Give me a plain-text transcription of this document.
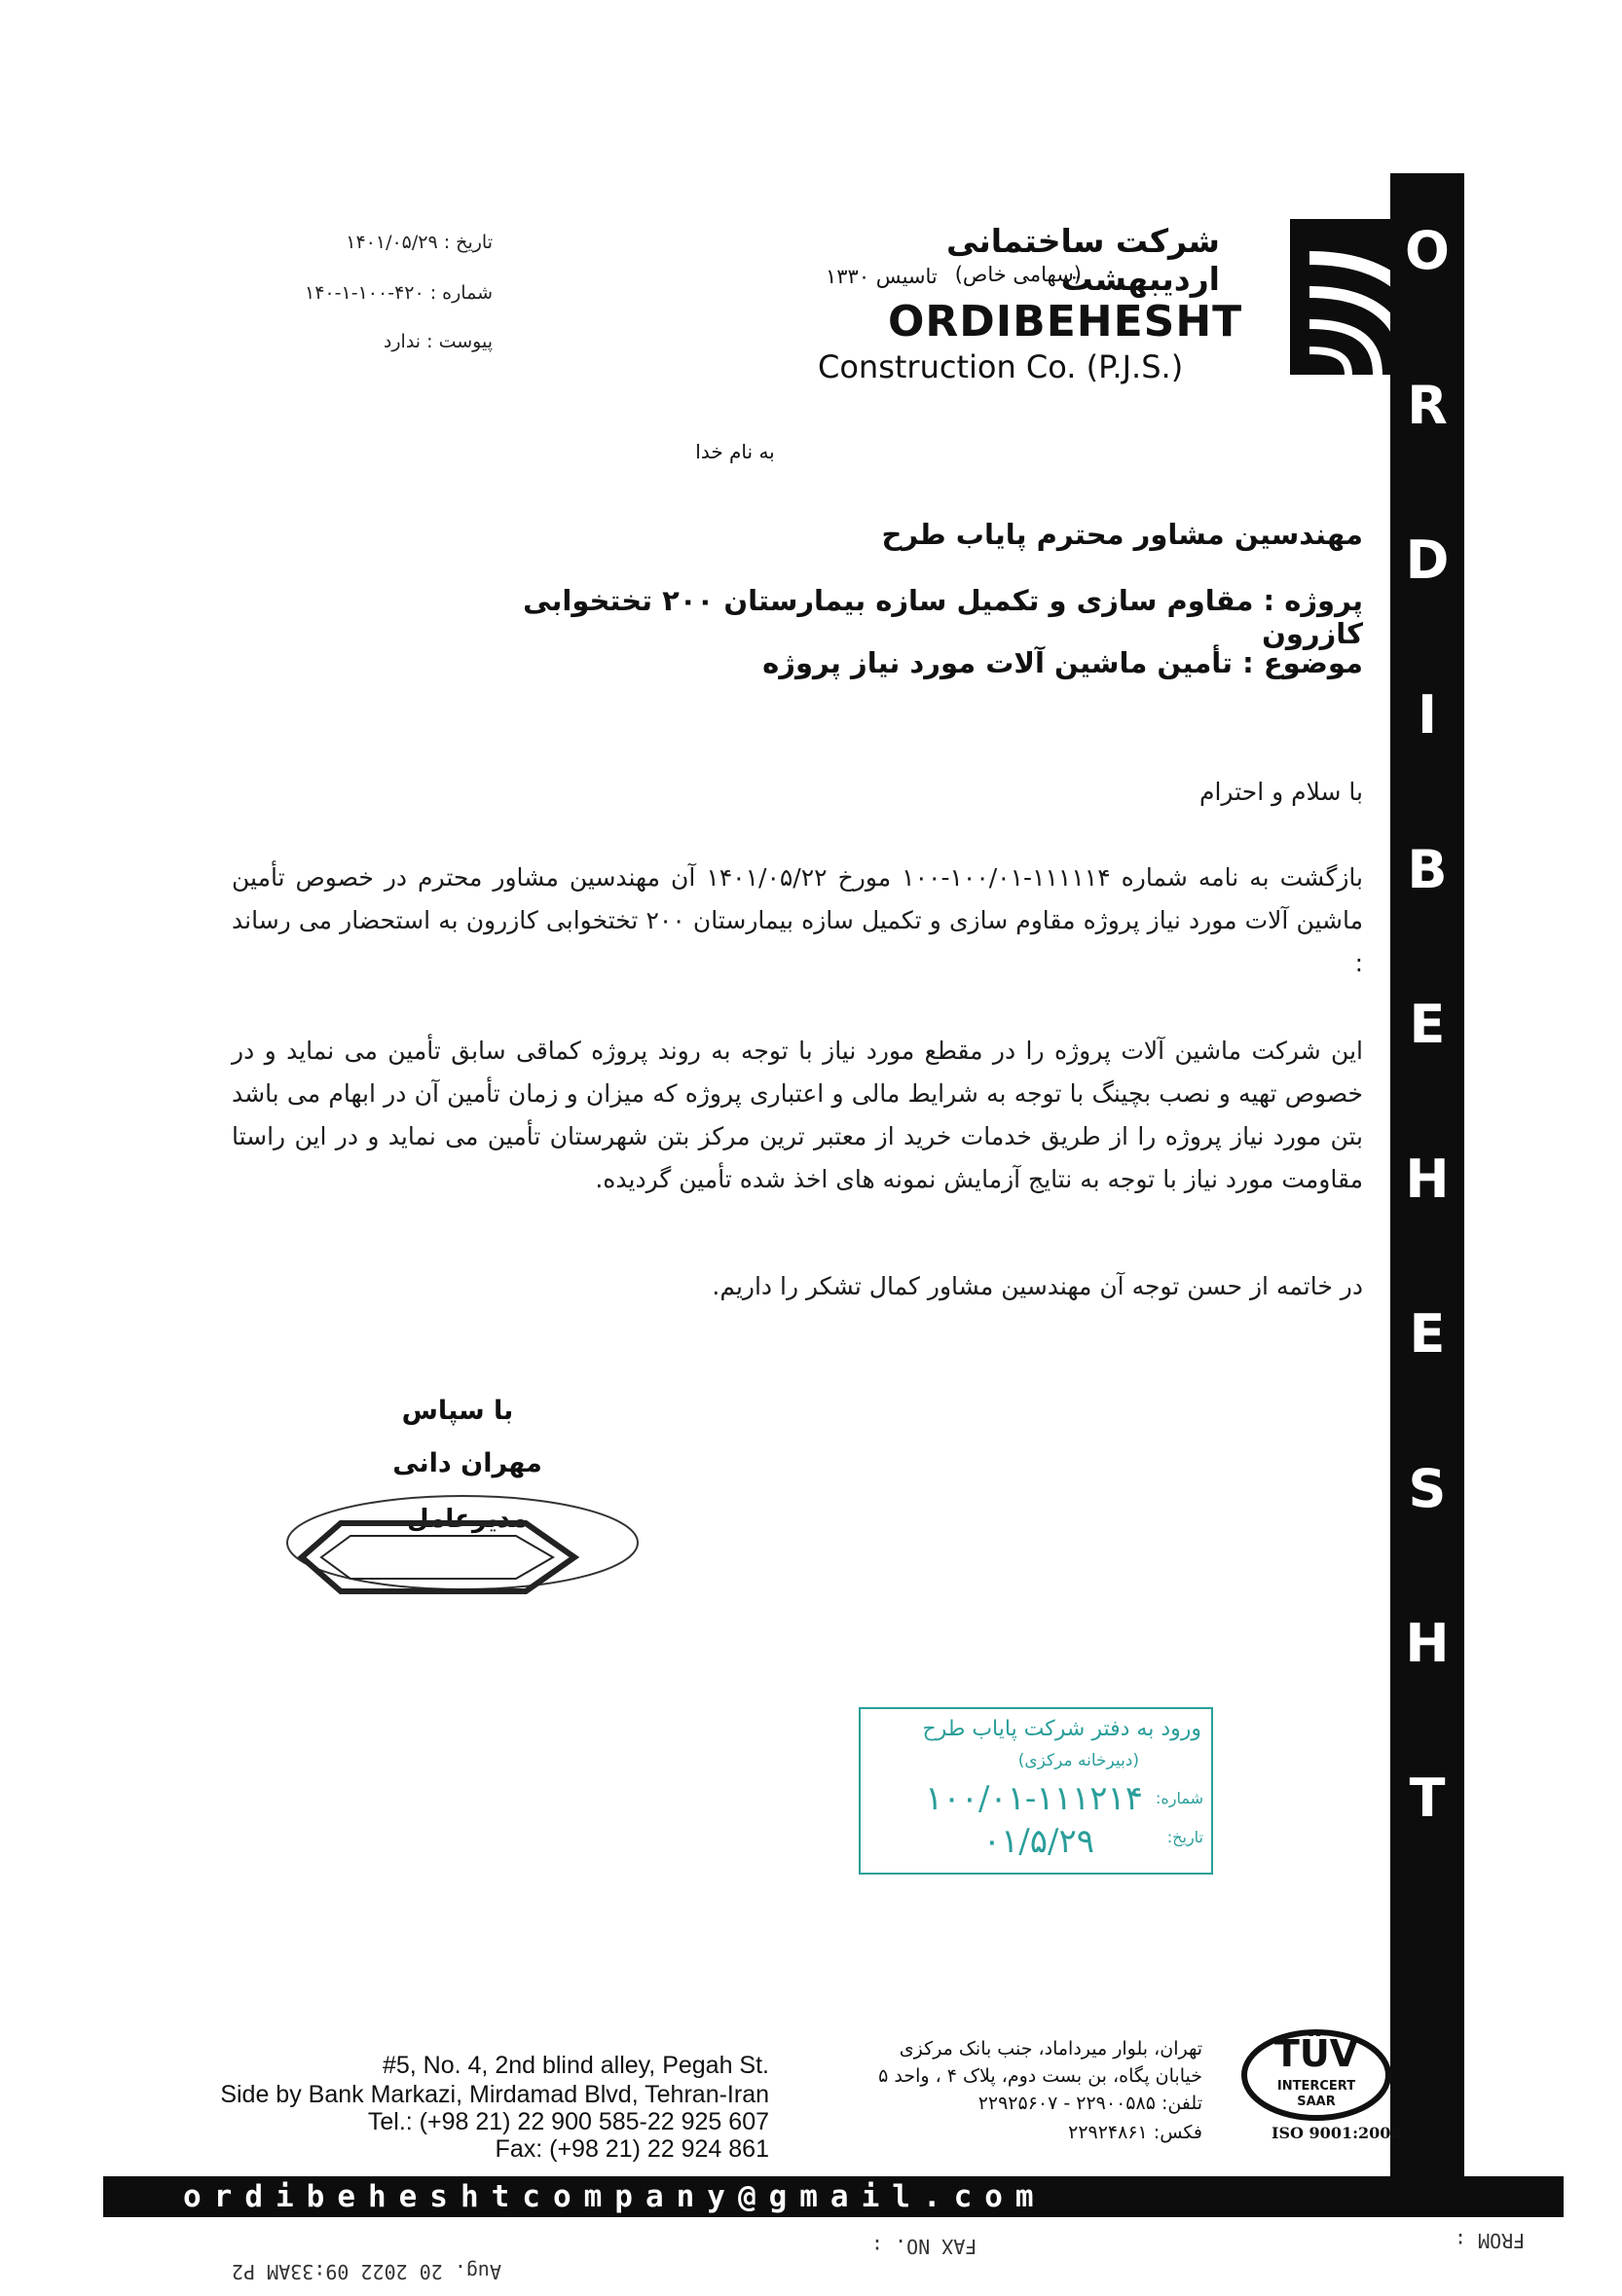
تاریخ : ۱۴۰۱/۰۵/۲۹
شماره : ۴۲۰-۱۰۰-۱-۱۴۰
پیوست : ندارد
شرکت ساختمانی اردیبهشت
(سهامی خاص)
تاسیس ۱۳۳۰
ORDIBEHESHT
Construction Co. (P.J.S.)
O
R
D
I
B
E
H
E
S
H
T
به نام خدا
مهندسین مشاور محترم پایاب طرح
پروژه : مقاوم سازی و تکمیل سازه بیمارستان ۲۰۰ تختخوابی کازرون
موضوع : تأمین ماشین آلات مورد نیاز پروژه
با سلام و احترام
بازگشت به نامه شماره ۱۱۱۱۱۴-۱۰۰/۰۱-۱۰۰ مورخ ۱۴۰۱/۰۵/۲۲ آن مهندسین مشاور محترم در خصوص تأمین ماشین آلات مورد نیاز پروژه مقاوم سازی و تکمیل سازه بیمارستان ۲۰۰ تختخوابی کازرون به استحضار می رساند :
این شرکت ماشین آلات پروژه را در مقطع مورد نیاز با توجه به روند پروژه کماقی سابق تأمین می نماید و در خصوص تهیه و نصب بچینگ با توجه به شرایط مالی و اعتباری پروژه که میزان و زمان تأمین آن در ابهام می باشد بتن مورد نیاز پروژه را از طریق خدمات خرید از معتبر ترین مرکز بتن شهرستان تأمین می نماید و در این راستا مقاومت مورد نیاز با توجه به نتایج آزمایش نمونه های اخذ شده تأمین گردیده.
در خاتمه از حسن توجه آن مهندسین مشاور کمال تشکر را داریم.
با سپاس
مهران دانی
مدیرعامل
ورود به دفتر شرکت پایاب طرح
(دبیرخانه مرکزی)
شماره:
تاریخ:
۱۰۰/۰۱-۱۱۱۲۱۴
۰۱/۵/۲۹
#5, No. 4, 2nd blind alley, Pegah St.
Side by Bank Markazi, Mirdamad Blvd, Tehran-Iran
Tel.: (+98 21) 22 900 585-22 925 607
Fax: (+98 21) 22 924 861
تهران، بلوار میرداماد، جنب بانک مرکزی
خیابان پگاه، بن بست دوم، پلاک ۴ ، واحد ۵
تلفن: ۲۲۹۰۰۵۸۵ - ۲۲۹۲۵۶۰۷
فکس: ۲۲۹۲۴۸۶۱
TÜV
INTERCERT
SAAR
ISO 9001:2008
ordibeheshtcompany@gmail.com
FROM :
FAX NO. :
Aug. 20 2022 09:33AM P2
